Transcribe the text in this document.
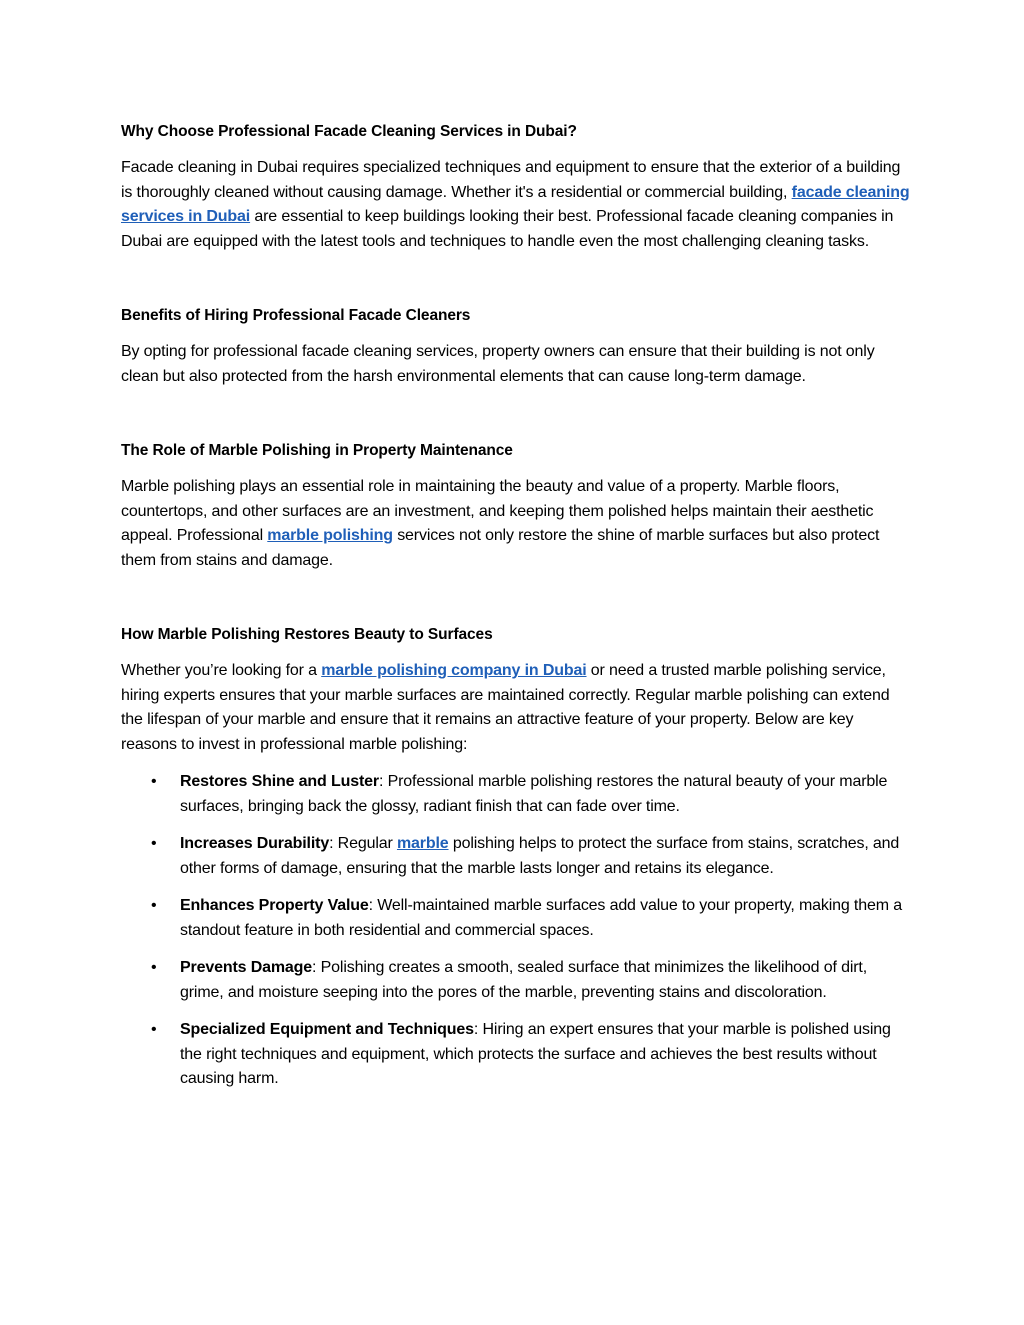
Why Choose Professional Facade Cleaning Services in Dubai?

Facade cleaning in Dubai requires specialized techniques and equipment to ensure that the exterior of a building is thoroughly cleaned without causing damage. Whether it's a residential or commercial building, facade cleaning services in Dubai are essential to keep buildings looking their best. Professional facade cleaning companies in Dubai are equipped with the latest tools and techniques to handle even the most challenging cleaning tasks.

Benefits of Hiring Professional Facade Cleaners

By opting for professional facade cleaning services, property owners can ensure that their building is not only clean but also protected from the harsh environmental elements that can cause long-term damage.

The Role of Marble Polishing in Property Maintenance

Marble polishing plays an essential role in maintaining the beauty and value of a property. Marble floors, countertops, and other surfaces are an investment, and keeping them polished helps maintain their aesthetic appeal. Professional marble polishing services not only restore the shine of marble surfaces but also protect them from stains and damage.

How Marble Polishing Restores Beauty to Surfaces

Whether you’re looking for a marble polishing company in Dubai or need a trusted marble polishing service, hiring experts ensures that your marble surfaces are maintained correctly. Regular marble polishing can extend the lifespan of your marble and ensure that it remains an attractive feature of your property. Below are key reasons to invest in professional marble polishing:

• Restores Shine and Luster: Professional marble polishing restores the natural beauty of your marble surfaces, bringing back the glossy, radiant finish that can fade over time.
• Increases Durability: Regular marble polishing helps to protect the surface from stains, scratches, and other forms of damage, ensuring that the marble lasts longer and retains its elegance.
• Enhances Property Value: Well-maintained marble surfaces add value to your property, making them a standout feature in both residential and commercial spaces.
• Prevents Damage: Polishing creates a smooth, sealed surface that minimizes the likelihood of dirt, grime, and moisture seeping into the pores of the marble, preventing stains and discoloration.
• Specialized Equipment and Techniques: Hiring an expert ensures that your marble is polished using the right techniques and equipment, which protects the surface and achieves the best results without causing harm.
